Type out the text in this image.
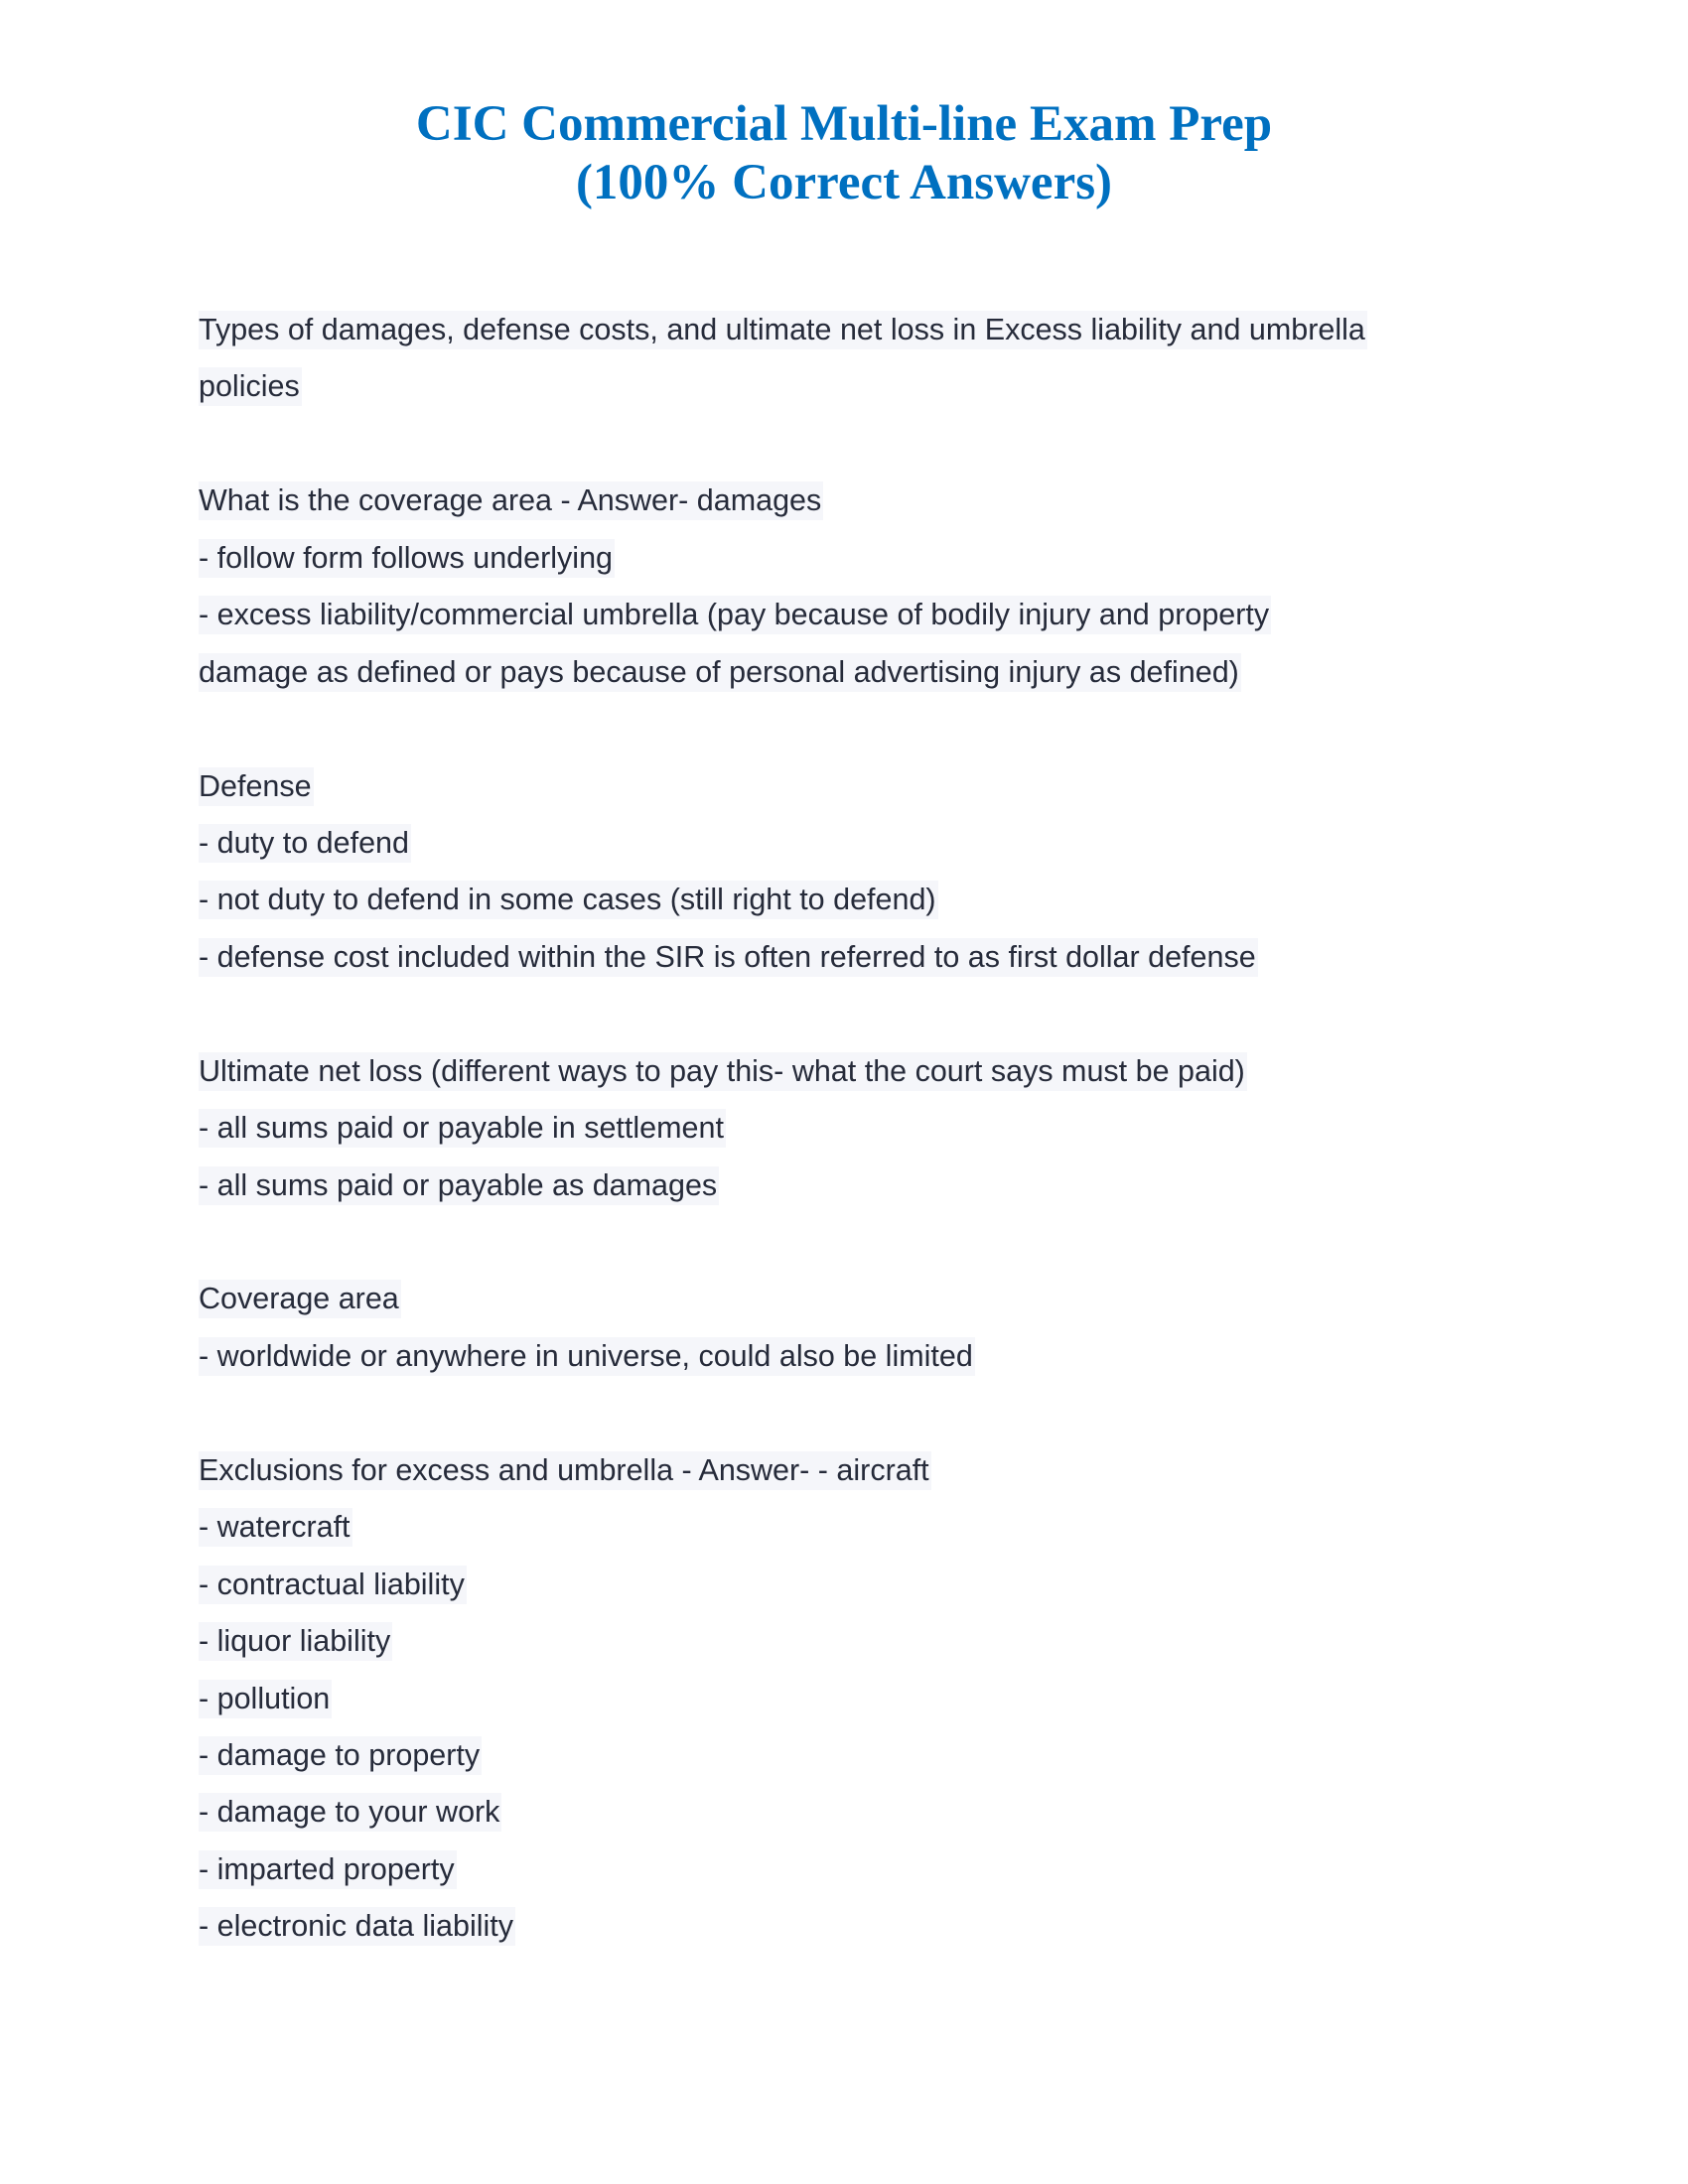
CIC Commercial Multi-line Exam Prep
(100% Correct Answers)
Types of damages, defense costs, and ultimate net loss in Excess liability and umbrella
policies
What is the coverage area - Answer- damages
- follow form follows underlying
- excess liability/commercial umbrella (pay because of bodily injury and property
damage as defined or pays because of personal advertising injury as defined)
Defense
- duty to defend
- not duty to defend in some cases (still right to defend)
- defense cost included within the SIR is often referred to as first dollar defense
Ultimate net loss (different ways to pay this- what the court says must be paid)
- all sums paid or payable in settlement
- all sums paid or payable as damages
Coverage area
- worldwide or anywhere in universe, could also be limited
Exclusions for excess and umbrella - Answer- - aircraft
- watercraft
- contractual liability
- liquor liability
- pollution
- damage to property
- damage to your work
- imparted property
- electronic data liability
